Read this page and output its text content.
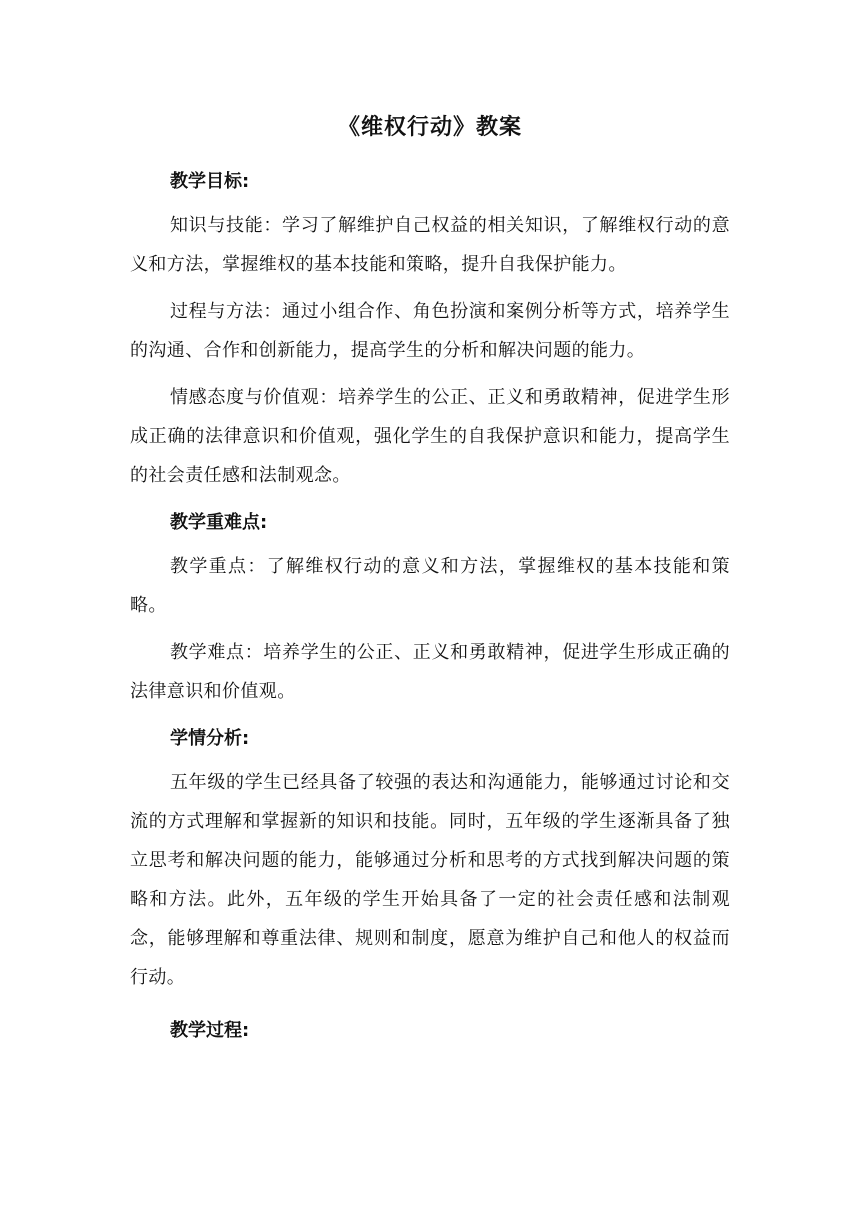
《维权行动》教案
教学目标:

知识与技能：学习了解维护自己权益的相关知识，了解维权行动的意义和方法，掌握维权的基本技能和策略，提升自我保护能力。

过程与方法：通过小组合作、角色扮演和案例分析等方式，培养学生的沟通、合作和创新能力，提高学生的分析和解决问题的能力。

情感态度与价值观：培养学生的公正、正义和勇敢精神，促进学生形成正确的法律意识和价值观，强化学生的自我保护意识和能力，提高学生的社会责任感和法制观念。

教学重难点:

教学重点：了解维权行动的意义和方法，掌握维权的基本技能和策略。

教学难点：培养学生的公正、正义和勇敢精神，促进学生形成正确的法律意识和价值观。

学情分析:

五年级的学生已经具备了较强的表达和沟通能力，能够通过讨论和交流的方式理解和掌握新的知识和技能。同时，五年级的学生逐渐具备了独立思考和解决问题的能力，能够通过分析和思考的方式找到解决问题的策略和方法。此外，五年级的学生开始具备了一定的社会责任感和法制观念，能够理解和尊重法律、规则和制度，愿意为维护自己和他人的权益而行动。

教学过程:
